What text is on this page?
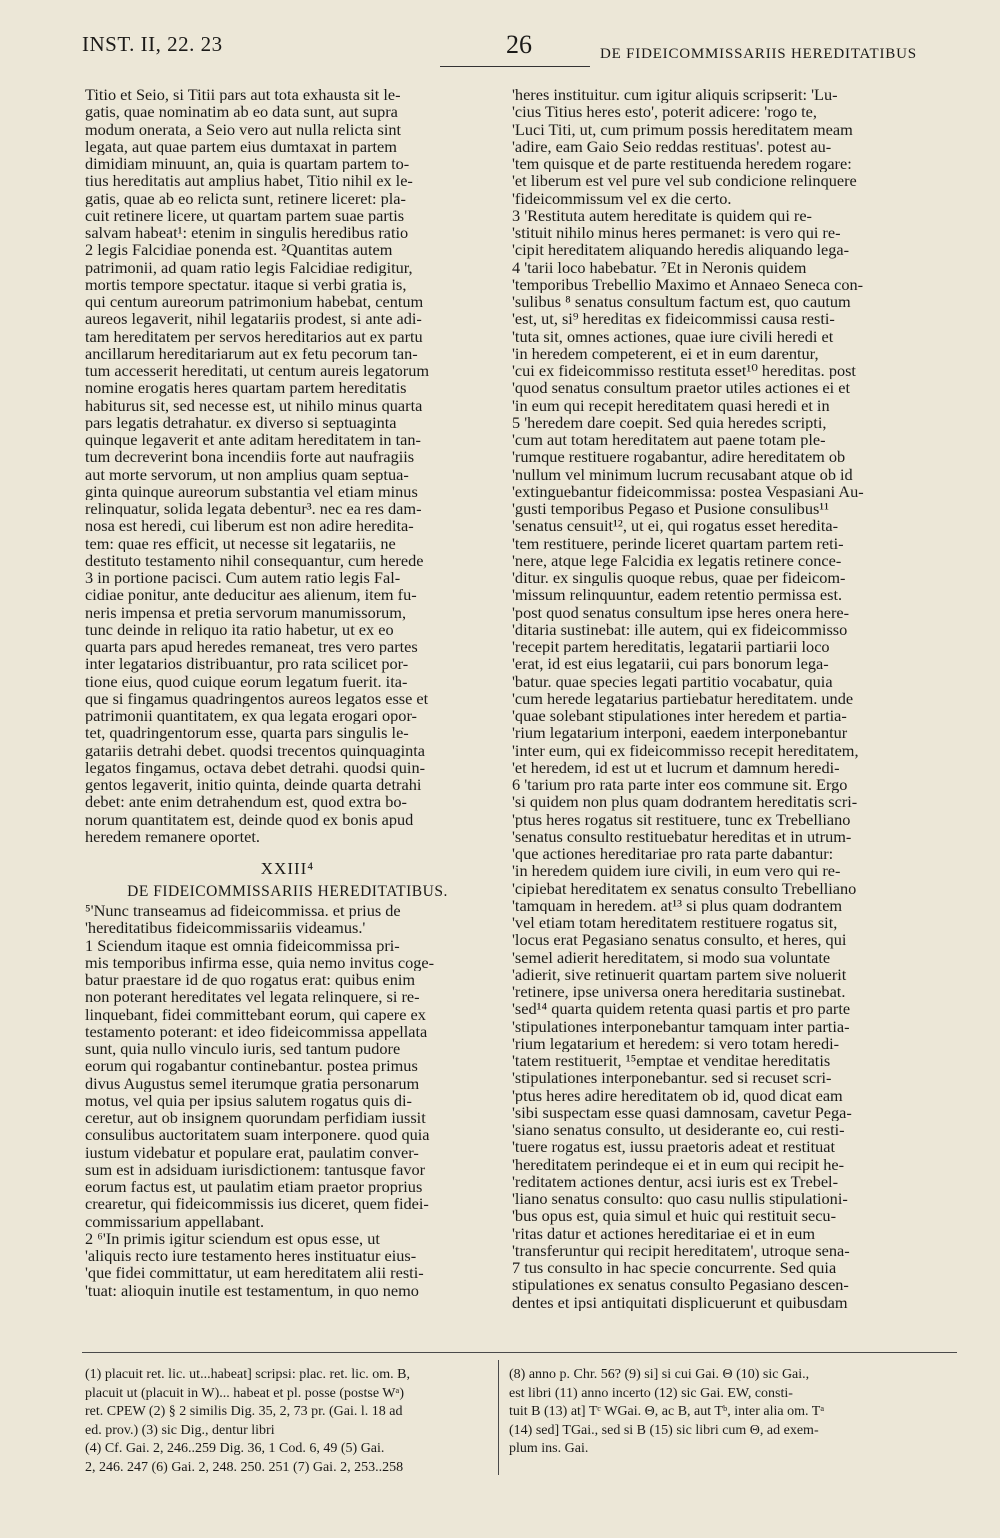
INST. II, 22. 23	26	DE FIDEICOMMISSARIIS HEREDITATIBUS
Titio et Seio, si Titii pars aut tota exhausta sit le-
gatis, quae nominatim ab eo data sunt, aut supra
modum onerata, a Seio vero aut nulla relicta sint
legata, aut quae partem eius dumtaxat in partem
dimidiam minuunt, an, quia is quartam partem to-
tius hereditatis aut amplius habet, Titio nihil ex le-
gatis, quae ab eo relicta sunt, retinere liceret: pla-
cuit retinere licere, ut quartam partem suae partis
salvam habeat¹: etenim in singulis heredibus ratio
2 legis Falcidiae ponenda est. ²Quantitas autem
patrimonii, ad quam ratio legis Falcidiae redigitur,
mortis tempore spectatur. itaque si verbi gratia is,
qui centum aureorum patrimonium habebat, centum
aureos legaverit, nihil legatariis prodest, si ante adi-
tam hereditatem per servos hereditarios aut ex partu
ancillarum hereditariarum aut ex fetu pecorum tan-
tum accesserit hereditati, ut centum aureis legatorum
nomine erogatis heres quartam partem hereditatis
habiturus sit, sed necesse est, ut nihilo minus quarta
pars legatis detrahatur. ex diverso si septuaginta
quinque legaverit et ante aditam hereditatem in tan-
tum decreverint bona incendiis forte aut naufragiis
aut morte servorum, ut non amplius quam septua-
ginta quinque aureorum substantia vel etiam minus
relinquatur, solida legata debentur³. nec ea res dam-
nosa est heredi, cui liberum est non adire heredita-
tem: quae res efficit, ut necesse sit legatariis, ne
destituto testamento nihil consequantur, cum herede
3 in portione pacisci. Cum autem ratio legis Fal-
cidiae ponitur, ante deducitur aes alienum, item fu-
neris impensa et pretia servorum manumissorum,
tunc deinde in reliquo ita ratio habetur, ut ex eo
quarta pars apud heredes remaneat, tres vero partes
inter legatarios distribuantur, pro rata scilicet por-
tione eius, quod cuique eorum legatum fuerit. ita-
que si fingamus quadringentos aureos legatos esse et
patrimonii quantitatem, ex qua legata erogari opor-
tet, quadringentorum esse, quarta pars singulis le-
gatariis detrahi debet. quodsi trecentos quinquaginta
legatos fingamus, octava debet detrahi. quodsi quin-
gentos legaverit, initio quinta, deinde quarta detrahi
debet: ante enim detrahendum est, quod extra bo-
norum quantitatem est, deinde quod ex bonis apud
heredem remanere oportet.
XXIII⁴
DE FIDEICOMMISSARIIS HEREDITATIBUS.
⁵'Nunc transeamus ad fideicommissa. et prius de
'hereditatibus fideicommissariis videamus.'
1 Sciendum itaque est omnia fideicommissa pri-
mis temporibus infirma esse, quia nemo invitus coge-
batur praestare id de quo rogatus erat: quibus enim
non poterant hereditates vel legata relinquere, si re-
linquebant, fidei committebant eorum, qui capere ex
testamento poterant: et ideo fideicommissa appellata
sunt, quia nullo vinculo iuris, sed tantum pudore
eorum qui rogabantur continebantur. postea primus
divus Augustus semel iterumque gratia personarum
motus, vel quia per ipsius salutem rogatus quis di-
ceretur, aut ob insignem quorundam perfidiam iussit
consulibus auctoritatem suam interponere. quod quia
iustum videbatur et populare erat, paulatim conver-
sum est in adsiduam iurisdictionem: tantusque favor
eorum factus est, ut paulatim etiam praetor proprius
crearetur, qui fideicommissis ius diceret, quem fidei-
commissarium appellabant.
2 ⁶'In primis igitur sciendum est opus esse, ut
'aliquis recto iure testamento heres instituatur eius-
'que fidei committatur, ut eam hereditatem alii resti-
'tuat: alioquin inutile est testamentum, in quo nemo
'heres instituitur. cum igitur aliquis scripserit: 'Lu-
'cius Titius heres esto', poterit adicere: 'rogo te,
'Luci Titi, ut, cum primum possis hereditatem meam
'adire, eam Gaio Seio reddas restituas'. potest au-
'tem quisque et de parte restituenda heredem rogare:
'et liberum est vel pure vel sub condicione relinquere
'fideicommissum vel ex die certo.
3 'Restituta autem hereditate is quidem qui re-
'stituit nihilo minus heres permanet: is vero qui re-
'cipit hereditatem aliquando heredis aliquando lega-
4 'tarii loco habebatur. ⁷Et in Neronis quidem
'temporibus Trebellio Maximo et Annaeo Seneca con-
'sulibus ⁸ senatus consultum factum est, quo cautum
'est, ut, si⁹ hereditas ex fideicommissi causa resti-
'tuta sit, omnes actiones, quae iure civili heredi et
'in heredem competerent, ei et in eum darentur,
'cui ex fideicommisso restituta esset¹⁰ hereditas. post
'quod senatus consultum praetor utiles actiones ei et
'in eum qui recepit hereditatem quasi heredi et in
5 'heredem dare coepit. Sed quia heredes scripti,
'cum aut totam hereditatem aut paene totam ple-
'rumque restituere rogabantur, adire hereditatem ob
'nullum vel minimum lucrum recusabant atque ob id
'extinguebantur fideicommissa: postea Vespasiani Au-
'gusti temporibus Pegaso et Pusione consulibus¹¹
'senatus censuit¹², ut ei, qui rogatus esset heredita-
'tem restituere, perinde liceret quartam partem reti-
'nere, atque lege Falcidia ex legatis retinere conce-
'ditur. ex singulis quoque rebus, quae per fideicom-
'missum relinquuntur, eadem retentio permissa est.
'post quod senatus consultum ipse heres onera here-
'ditaria sustinebat: ille autem, qui ex fideicommisso
'recepit partem hereditatis, legatarii partiarii loco
'erat, id est eius legatarii, cui pars bonorum lega-
'batur. quae species legati partitio vocabatur, quia
'cum herede legatarius partiebatur hereditatem. unde
'quae solebant stipulationes inter heredem et partia-
'rium legatarium interponi, eaedem interponebantur
'inter eum, qui ex fideicommisso recepit hereditatem,
'et heredem, id est ut et lucrum et damnum heredi-
6 'tarium pro rata parte inter eos commune sit. Ergo
'si quidem non plus quam dodrantem hereditatis scri-
'ptus heres rogatus sit restituere, tunc ex Trebelliano
'senatus consulto restituebatur hereditas et in utrum-
'que actiones hereditariae pro rata parte dabantur:
'in heredem quidem iure civili, in eum vero qui re-
'cipiebat hereditatem ex senatus consulto Trebelliano
'tamquam in heredem. at¹³ si plus quam dodrantem
'vel etiam totam hereditatem restituere rogatus sit,
'locus erat Pegasiano senatus consulto, et heres, qui
'semel adierit hereditatem, si modo sua voluntate
'adierit, sive retinuerit quartam partem sive noluerit
'retinere, ipse universa onera hereditaria sustinebat.
'sed¹⁴ quarta quidem retenta quasi partis et pro parte
'stipulationes interponebantur tamquam inter partia-
'rium legatarium et heredem: si vero totam heredi-
'tatem restituerit, ¹⁵emptae et venditae hereditatis
'stipulationes interponebantur. sed si recuset scri-
'ptus heres adire hereditatem ob id, quod dicat eam
'sibi suspectam esse quasi damnosam, cavetur Pega-
'siano senatus consulto, ut desiderante eo, cui resti-
'tuere rogatus est, iussu praetoris adeat et restituat
'hereditatem perindeque ei et in eum qui recipit he-
'reditatem actiones dentur, acsi iuris est ex Trebel-
'liano senatus consulto: quo casu nullis stipulationi-
'bus opus est, quia simul et huic qui restituit secu-
'ritas datur et actiones hereditariae ei et in eum
'transferuntur qui recipit hereditatem', utroque sena-
7 tus consulto in hac specie concurrente. Sed quia
stipulationes ex senatus consulto Pegasiano descen-
dentes et ipsi antiquitati displicuerunt et quibusdam
(1) placuit ret. lic. ut...habeat] scripsi: plac. ret. lic. om. B,
placuit ut (placuit in W)... habeat et pl. posse (postse Wᵃ)
ret. CPEW (2) § 2 similis Dig. 35, 2, 73 pr. (Gai. l. 18 ad
ed. prov.) (3) sic Dig., dentur libri
(4) Cf. Gai. 2, 246..259 Dig. 36, 1 Cod. 6, 49 (5) Gai.
2, 246. 247 (6) Gai. 2, 248. 250. 251 (7) Gai. 2, 253..258
(8) anno p. Chr. 56? (9) si] si cui Gai. Θ (10) sic Gai.,
est libri (11) anno incerto (12) sic Gai. EW, consti-
tuit B (13) at] Tᶜ WGai. Θ, ac B, aut Tᵇ, inter alia om. Tᵃ
(14) sed] TGai., sed si B (15) sic libri cum Θ, ad exem-
plum ins. Gai.
